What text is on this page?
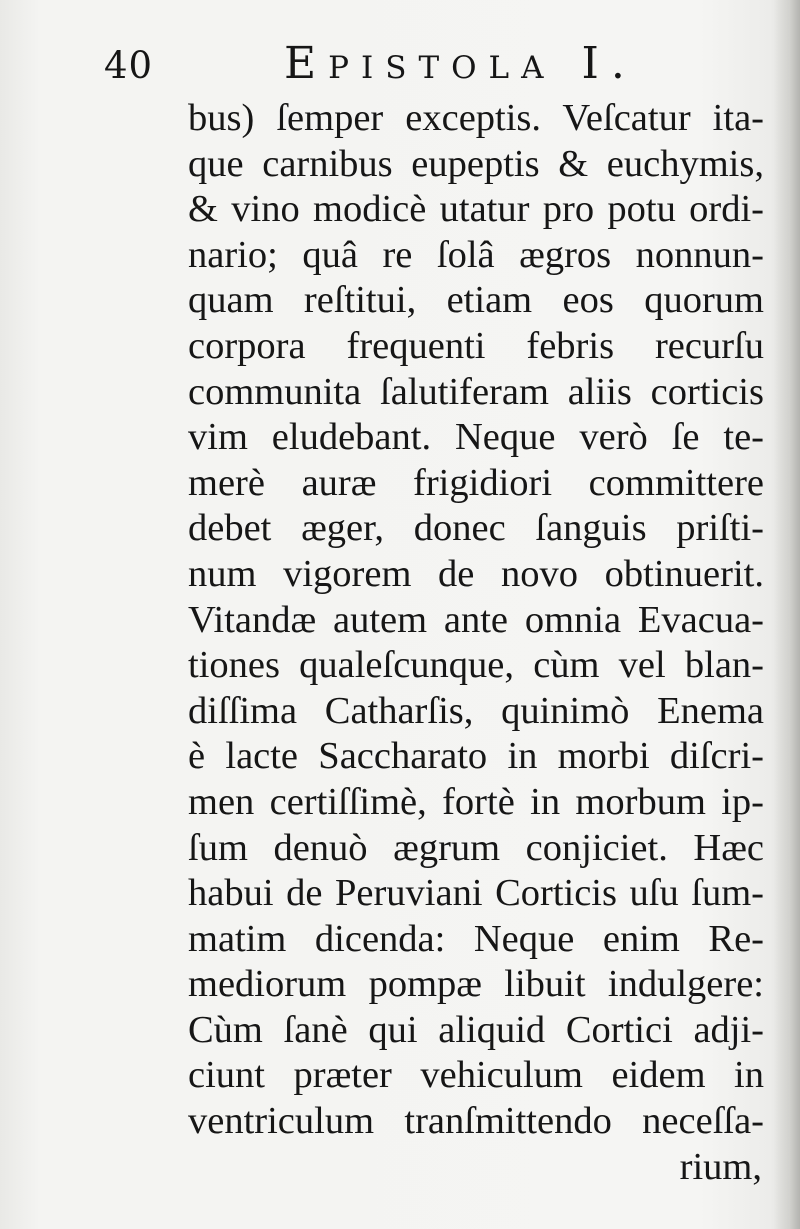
40	Epistola I.
bus) ſemper exceptis. Veſcatur ita-
que carnibus eupeptis & euchymis,
& vino modicè utatur pro potu ordi-
nario; quâ re ſolâ ægros nonnun-
quam reſtitui, etiam eos quorum
corpora frequenti febris recurſu
communita ſalutiferam aliis corticis
vim eludebant. Neque verò ſe te-
merè auræ frigidiori committere
debet æger, donec ſanguis priſti-
num vigorem de novo obtinuerit.
Vitandæ autem ante omnia Evacua-
tiones qualeſcunque, cùm vel blan-
diſſima Catharſis, quinimò Enema
è lacte Saccharato in morbi diſcri-
men certiſſimè, fortè in morbum ip-
ſum denuò ægrum conjiciet. Hæc
habui de Peruviani Corticis uſu ſum-
matim dicenda: Neque enim Re-
mediorum pompæ libuit indulgere:
Cùm ſanè qui aliquid Cortici adji-
ciunt præter vehiculum eidem in
ventriculum tranſmittendo neceſſa-
rium,
